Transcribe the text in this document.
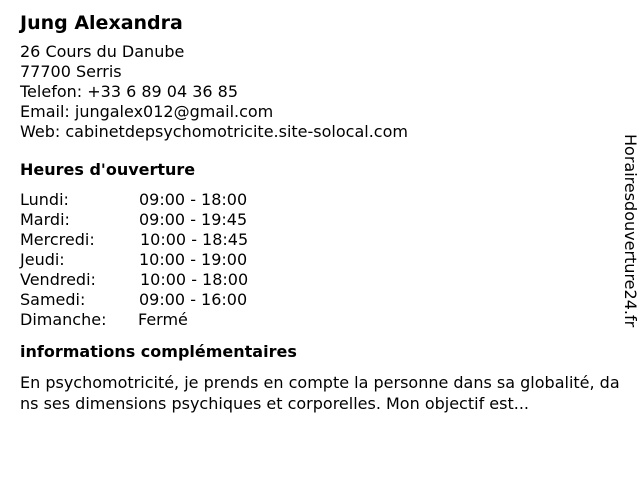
Jung Alexandra
26 Cours du Danube
77700 Serris
Telefon: +33 6 89 04 36 85
Email: jungalex012@gmail.com
Web: cabinetdepsychomotricite.site-solocal.com
Heures d'ouverture
Lundi:	09:00 - 18:00
Mardi:	09:00 - 19:45
Mercredi:	10:00 - 18:45
Jeudi:	10:00 - 19:00
Vendredi:	10:00 - 18:00
Samedi:	09:00 - 16:00
Dimanche: Fermé
informations complémentaires
En psychomotricité, je prends en compte la personne dans sa globalité, dans ses dimensions psychiques et corporelles. Mon objectif est...
Horairesdouverture24.fr
